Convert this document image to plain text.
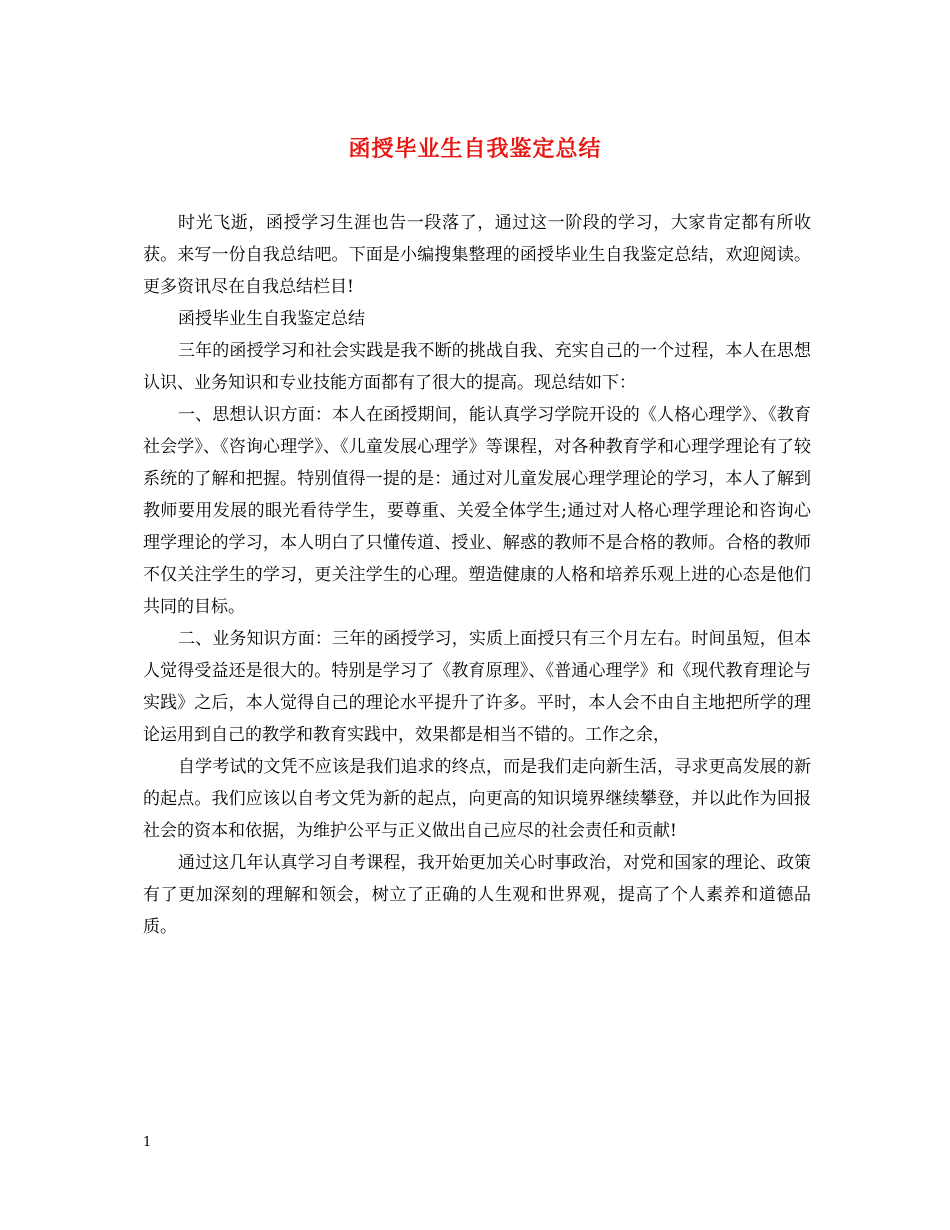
函授毕业生自我鉴定总结

时光飞逝，函授学习生涯也告一段落了，通过这一阶段的学习，大家肯定都有所收获。来写一份自我总结吧。下面是小编搜集整理的函授毕业生自我鉴定总结，欢迎阅读。更多资讯尽在自我总结栏目!

函授毕业生自我鉴定总结

三年的函授学习和社会实践是我不断的挑战自我、充实自己的一个过程，本人在思想认识、业务知识和专业技能方面都有了很大的提高。现总结如下：

一、思想认识方面：本人在函授期间，能认真学习学院开设的《人格心理学》、《教育社会学》、《咨询心理学》、《儿童发展心理学》等课程，对各种教育学和心理学理论有了较系统的了解和把握。特别值得一提的是：通过对儿童发展心理学理论的学习，本人了解到教师要用发展的眼光看待学生，要尊重、关爱全体学生;通过对人格心理学理论和咨询心理学理论的学习，本人明白了只懂传道、授业、解惑的教师不是合格的教师。合格的教师不仅关注学生的学习，更关注学生的心理。塑造健康的人格和培养乐观上进的心态是他们共同的目标。

二、业务知识方面：三年的函授学习，实质上面授只有三个月左右。时间虽短，但本人觉得受益还是很大的。特别是学习了《教育原理》、《普通心理学》和《现代教育理论与实践》之后，本人觉得自己的理论水平提升了许多。平时，本人会不由自主地把所学的理论运用到自己的教学和教育实践中，效果都是相当不错的。工作之余，

自学考试的文凭不应该是我们追求的终点，而是我们走向新生活，寻求更高发展的新的起点。我们应该以自考文凭为新的起点，向更高的知识境界继续攀登，并以此作为回报社会的资本和依据，为维护公平与正义做出自己应尽的社会责任和贡献!

通过这几年认真学习自考课程，我开始更加关心时事政治，对党和国家的理论、政策有了更加深刻的理解和领会，树立了正确的人生观和世界观，提高了个人素养和道德品质。

1
